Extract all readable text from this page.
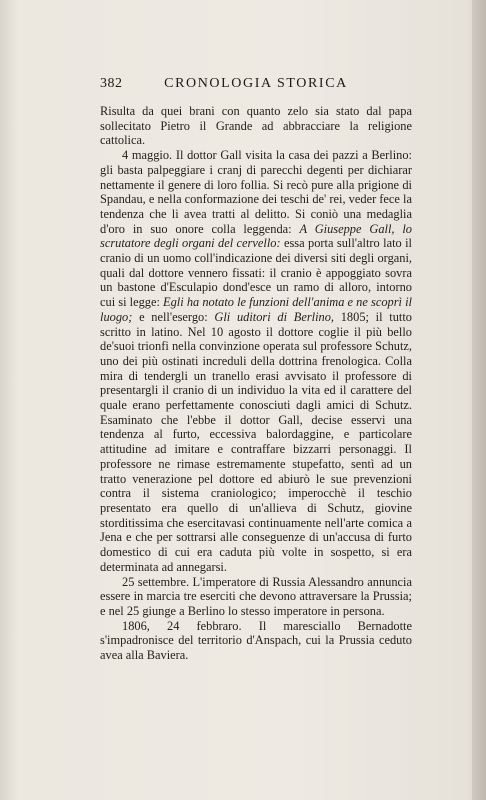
382	CRONOLOGIA STORICA

Risulta da quei brani con quanto zelo sia stato dal papa sollecitato Pietro il Grande ad abbracciare la religione cattolica.

4 maggio. Il dottor Gall visita la casa dei pazzi a Berlino: gli basta palpeggiare i cranj di parecchi degenti per dichiarar nettamente il genere di loro follia. Si recò pure alla prigione di Spandau, e nella conformazione dei teschi de' rei, veder fece la tendenza che li avea tratti al delitto. Si coniò una medaglia d'oro in suo onore colla leggenda: A Giuseppe Gall, lo scrutatore degli organi del cervello: essa porta sull'altro lato il cranio di un uomo coll'indicazione dei diversi siti degli organi, quali dal dottore vennero fissati: il cranio è appoggiato sovra un bastone d'Esculapio dond'esce un ramo di alloro, intorno cui si legge: Egli ha notato le funzioni dell'anima e ne scoprì il luogo; e nell'esergo: Gli uditori di Berlino, 1805; il tutto scritto in latino. Nel 10 agosto il dottore coglie il più bello de'suoi trionfi nella convinzione operata sul professore Schutz, uno dei più ostinati increduli della dottrina frenologica. Colla mira di tendergli un tranello erasi avvisato il professore di presentargli il cranio di un individuo la vita ed il carattere del quale erano perfettamente conosciuti dagli amici di Schutz. Esaminato che l'ebbe il dottor Gall, decise esservi una tendenza al furto, eccessiva balordaggine, e particolare attitudine ad imitare e contraffare bizzarri personaggi. Il professore ne rimase estremamente stupefatto, sentì ad un tratto venerazione pel dottore ed abiurò le sue prevenzioni contra il sistema craniologico; imperocchè il teschio presentato era quello di un'allieva di Schutz, giovine storditissima che esercitavasi continuamente nell'arte comica a Jena e che per sottrarsi alle conseguenze di un'accusa di furto domestico di cui era caduta più volte in sospetto, si era determinata ad annegarsi.

25 settembre. L'imperatore di Russia Alessandro annuncia essere in marcia tre eserciti che devono attraversare la Prussia; e nel 25 giunge a Berlino lo stesso imperatore in persona.

1806, 24 febbraro. Il maresciallo Bernadotte s'impadronisce del territorio d'Anspach, cui la Prussia ceduto avea alla Baviera.
